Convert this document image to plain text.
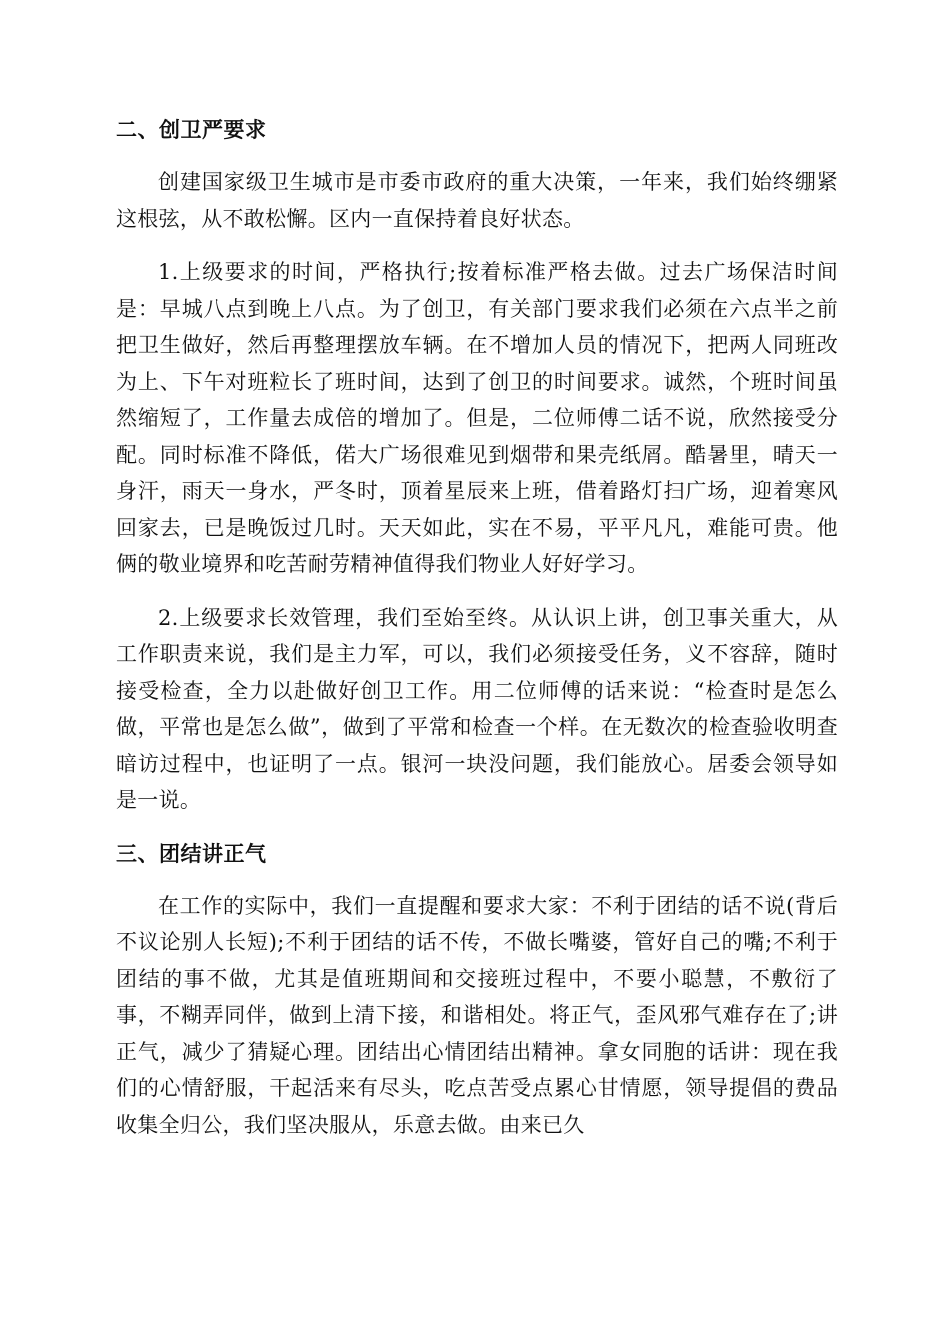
二、创卫严要求

创建国家级卫生城市是市委市政府的重大决策，一年来，我们始终绷紧这根弦，从不敢松懈。区内一直保持着良好状态。

1.上级要求的时间，严格执行;按着标准严格去做。过去广场保洁时间是：早城八点到晚上八点。为了创卫，有关部门要求我们必须在六点半之前把卫生做好，然后再整理摆放车辆。在不增加人员的情况下，把两人同班改为上、下午对班粒长了班时间，达到了创卫的时间要求。诚然，个班时间虽然缩短了，工作量去成倍的增加了。但是，二位师傅二话不说，欣然接受分配。同时标准不降低，偌大广场很难见到烟带和果壳纸屑。酷暑里，晴天一身汗，雨天一身水，严冬时，顶着星辰来上班，借着路灯扫广场，迎着寒风回家去，已是晚饭过几时。天天如此，实在不易，平平凡凡，难能可贵。他俩的敬业境界和吃苦耐劳精神值得我们物业人好好学习。

2.上级要求长效管理，我们至始至终。从认识上讲，创卫事关重大，从工作职责来说，我们是主力军，可以，我们必须接受任务，义不容辞，随时接受检查，全力以赴做好创卫工作。用二位师傅的话来说：“检查时是怎么做，平常也是怎么做”，做到了平常和检查一个样。在无数次的检查验收明查暗访过程中，也证明了一点。银河一块没问题，我们能放心。居委会领导如是一说。

三、团结讲正气

在工作的实际中，我们一直提醒和要求大家：不利于团结的话不说(背后不议论别人长短);不利于团结的话不传，不做长嘴婆，管好自己的嘴;不利于团结的事不做，尤其是值班期间和交接班过程中，不要小聪慧，不敷衍了事，不糊弄同伴，做到上清下接，和谐相处。将正气，歪风邪气难存在了;讲正气，减少了猜疑心理。团结出心情团结出精神。拿女同胞的话讲：现在我们的心情舒服，干起活来有尽头，吃点苦受点累心甘情愿，领导提倡的费品收集全归公，我们坚决服从，乐意去做。由来已久
